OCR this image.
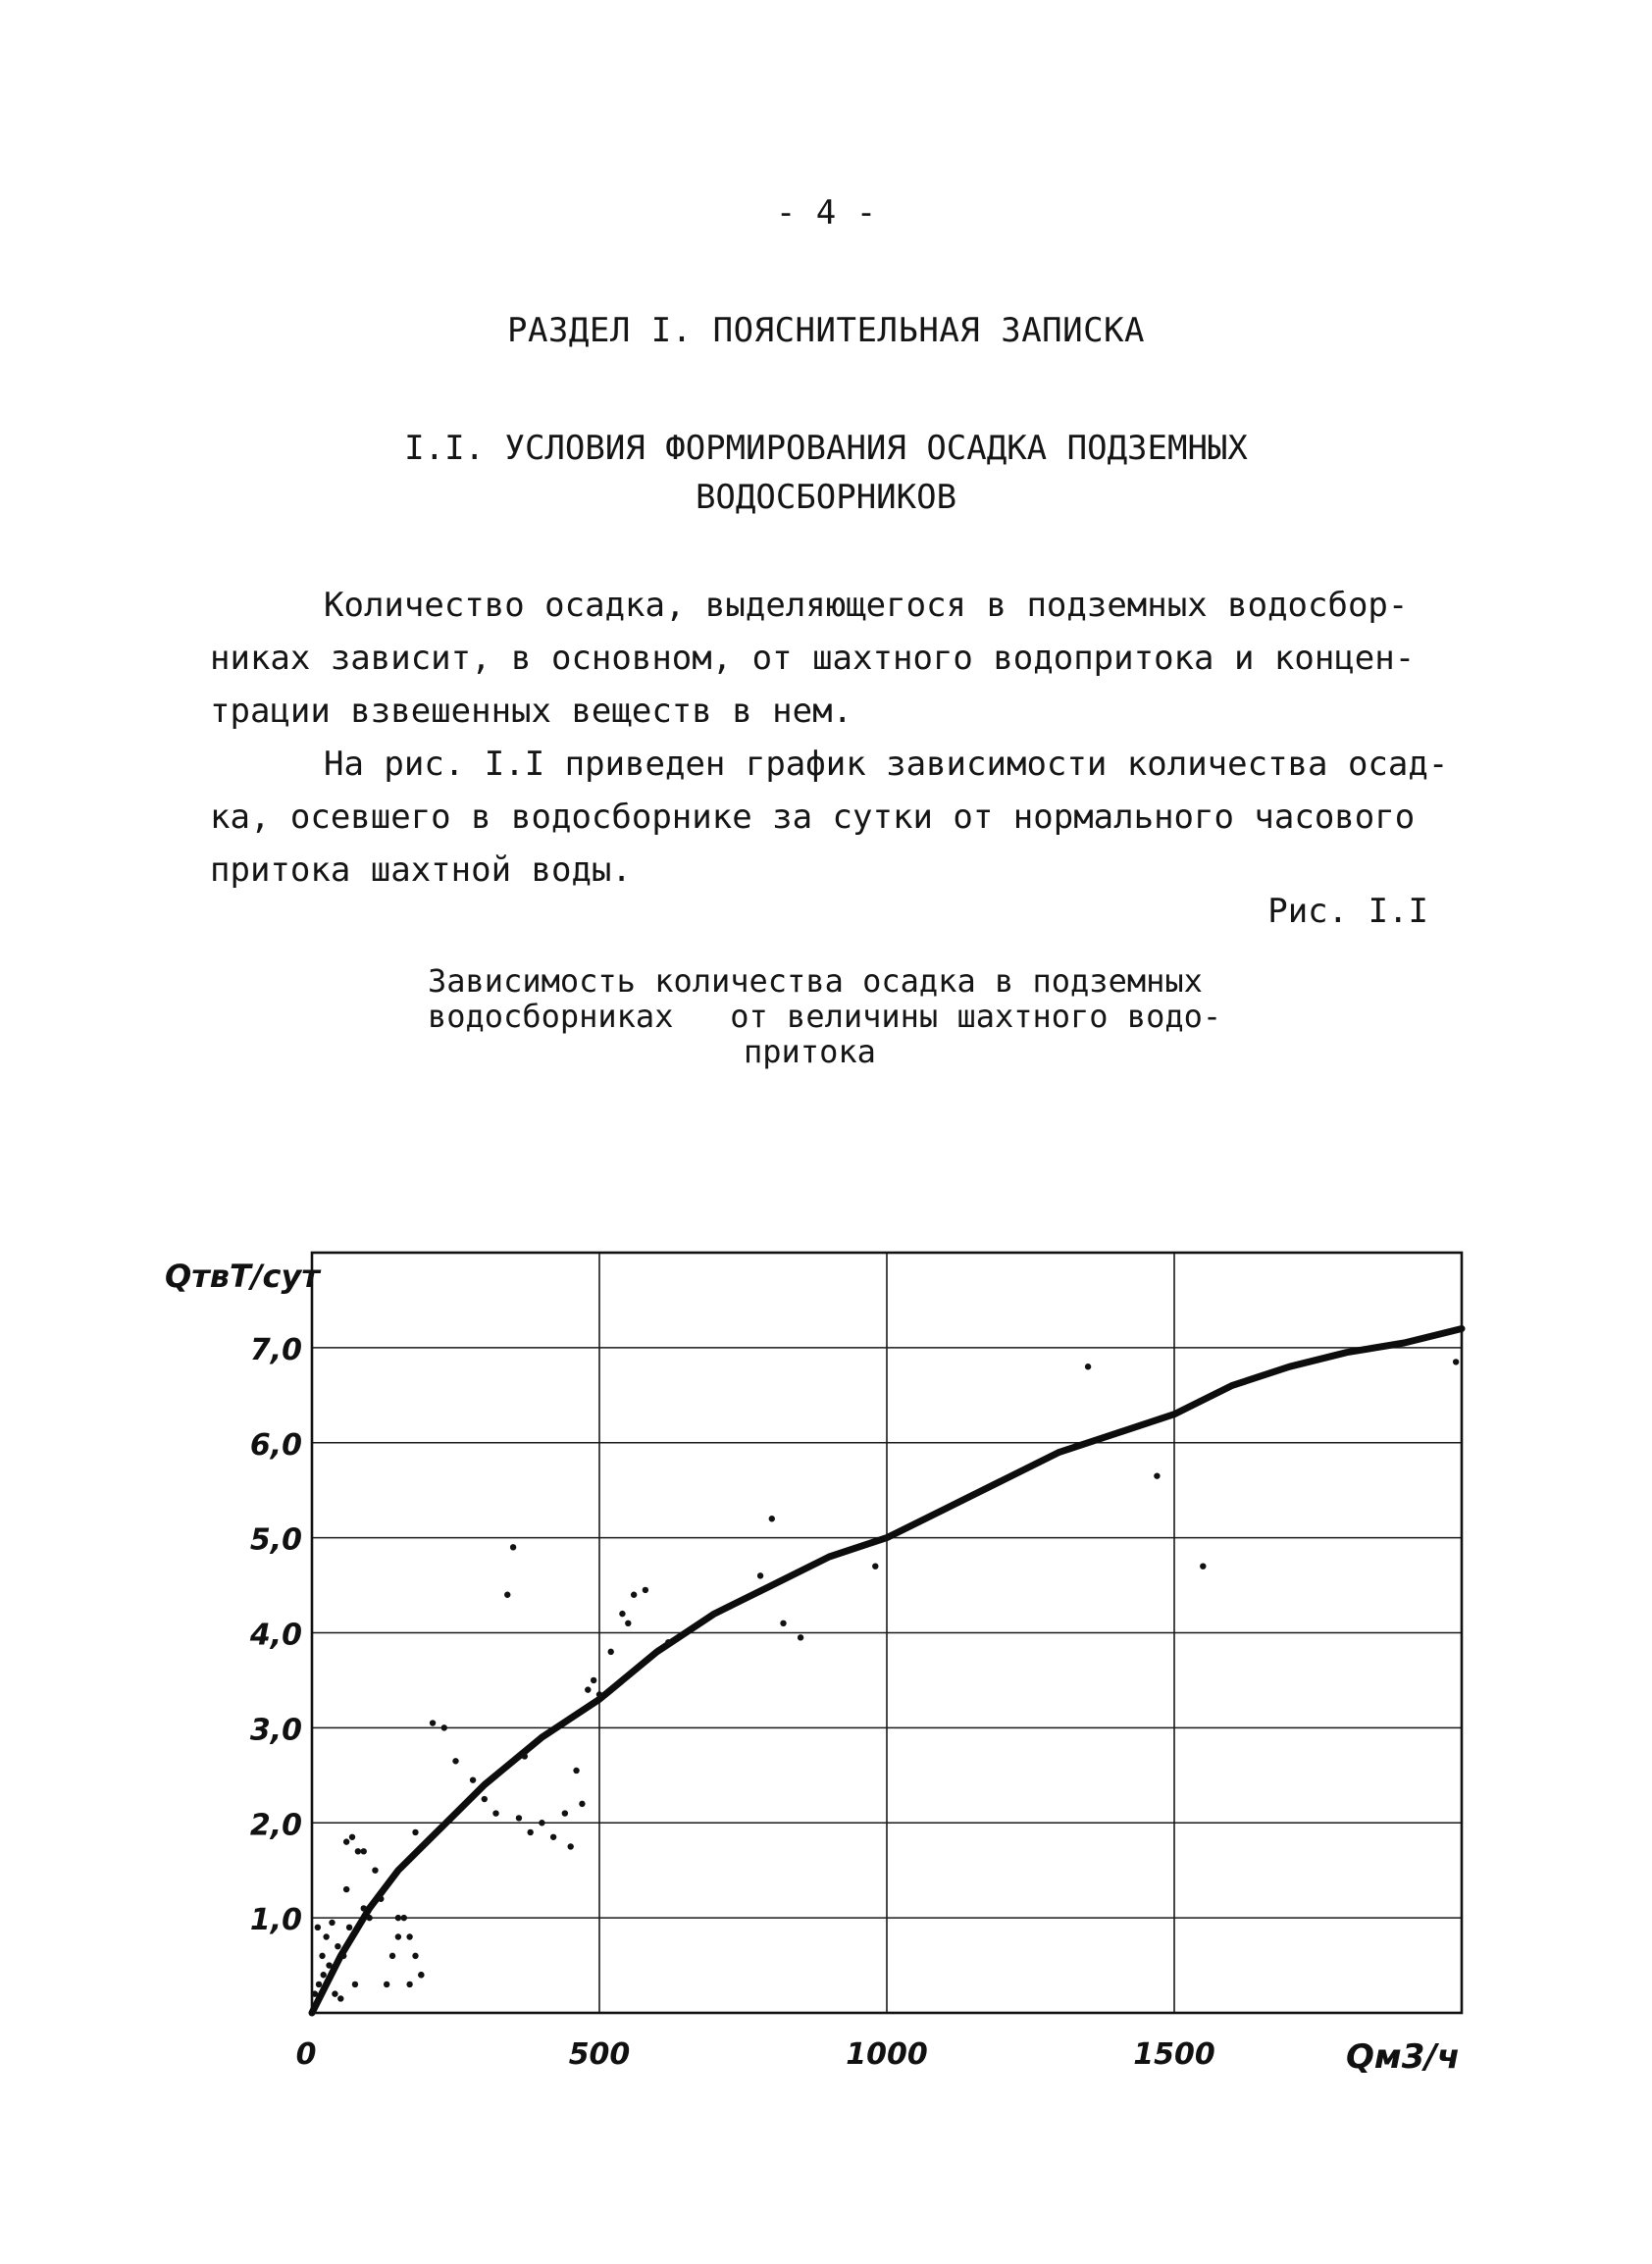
- 4 -
РАЗДЕЛ I. ПОЯСНИТЕЛЬНАЯ ЗАПИСКА
I.I. УСЛОВИЯ ФОРМИРОВАНИЯ ОСАДКА ПОДЗЕМНЫХ
ВОДОСБОРНИКОВ
Количество осадка, выделяющегося в подземных водосбор-
никах зависит, в основном, от шахтного водопритока и концен-
трации взвешенных веществ в нем.
На рис. I.I приведен график зависимости количества осад-
ка, осевшего в водосборнике за сутки от нормального часового
притока шахтной воды.
Рис. I.I
Зависимость количества осадка в подземных
водосборниках   от величины шахтного водо-
притока
1,0
2,0
3,0
4,0
5,0
6,0
7,0
0	500	1000	1500
QтвТ/сут
Qм3/ч
